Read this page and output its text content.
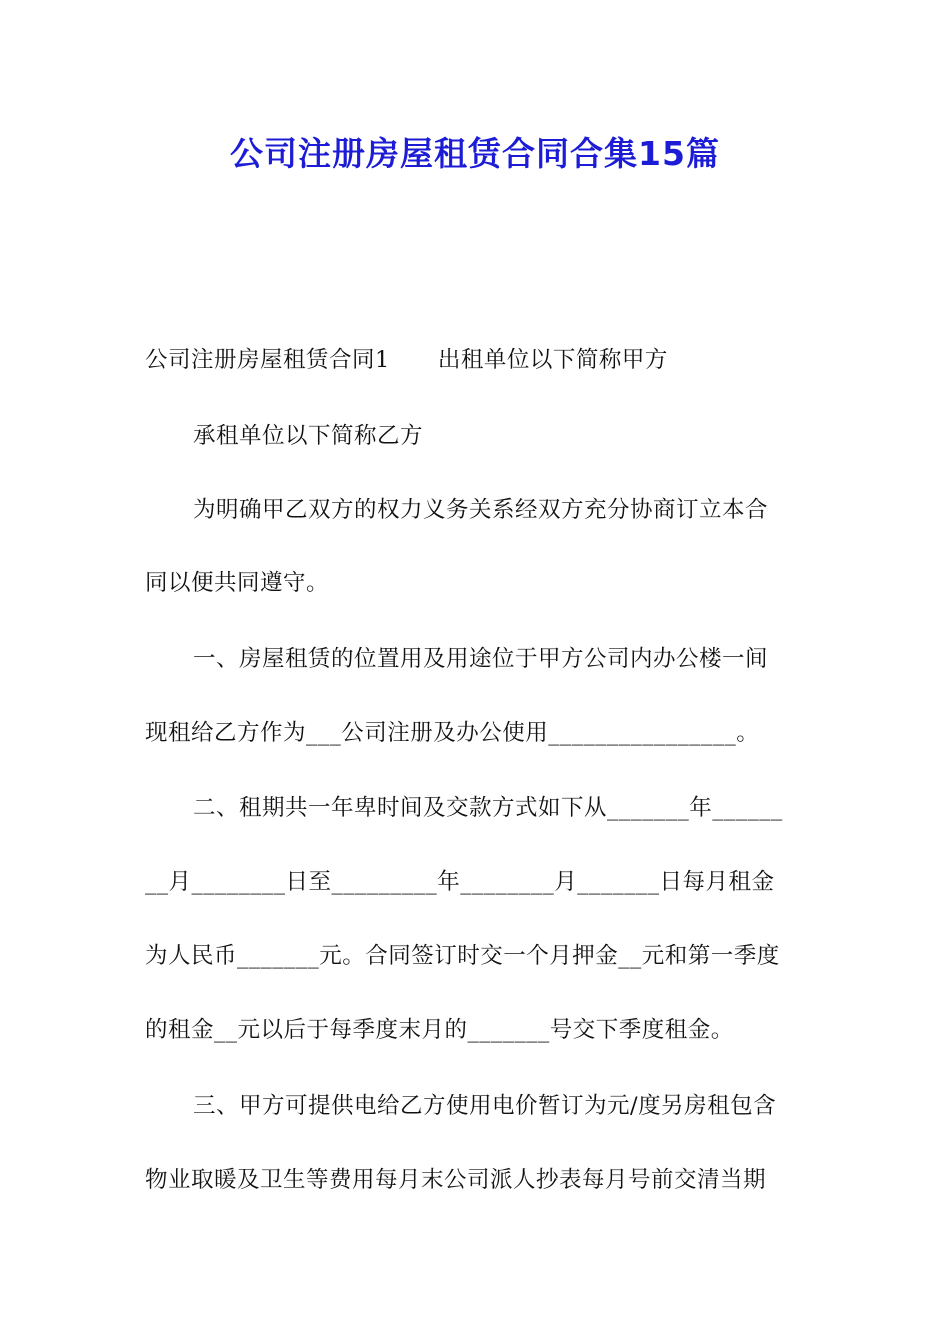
公司注册房屋租赁合同合集15篇
公司注册房屋租赁合同1 出租单位以下简称甲方
承租单位以下简称乙方
为明确甲乙双方的权力义务关系经双方充分协商订立本合
同以便共同遵守。
一、房屋租赁的位置用及用途位于甲方公司内办公楼一间
现租给乙方作为___公司注册及办公使用________________。
二、租期共一年卑时间及交款方式如下从_______年______
__月________日至_________年________月_______日每月租金
为人民币_______元。合同签订时交一个月押金__元和第一季度
的租金__元以后于每季度末月的_______号交下季度租金。
三、甲方可提供电给乙方使用电价暂订为元/度另房租包含
物业取暖及卫生等费用每月末公司派人抄表每月号前交清当期
